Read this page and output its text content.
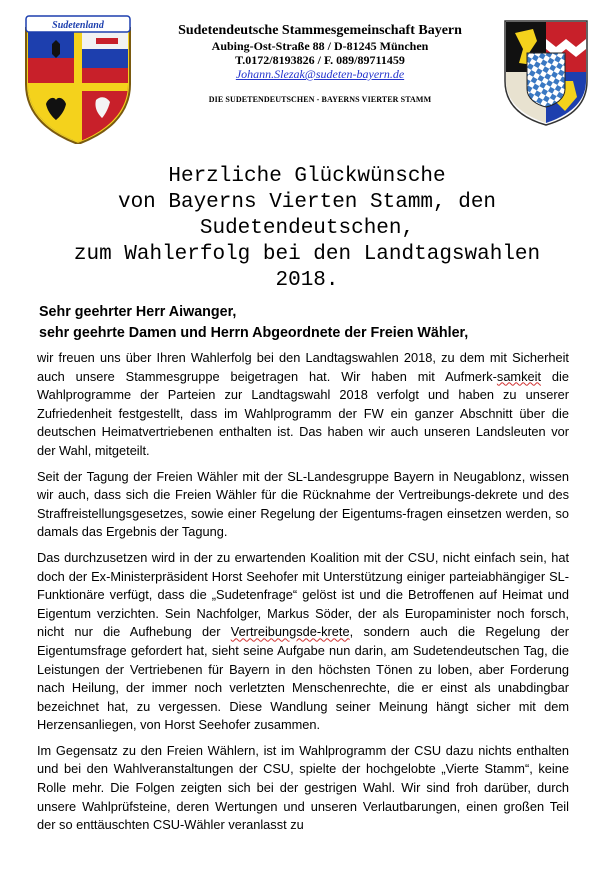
Sudetenland	Sudetendeutsche Stammesgemeinschaft Bayern
Aubing-Ost-Straße 88 / D-81245 München
T.0172/8193826 / F. 089/89711459
Johann.Slezak@sudeten-bayern.de
DIE SUDETENDEUTSCHEN - BAYERNS VIERTER STAMM
Herzliche Glückwünsche
von Bayerns Vierten Stamm, den
Sudetendeutschen,
zum Wahlerfolg bei den Landtagswahlen
2018.
Sehr geehrter Herr Aiwanger,
sehr geehrte Damen und Herrn Abgeordnete der Freien Wähler,

wir freuen uns über Ihren Wahlerfolg bei den Landtagswahlen 2018, zu dem mit Sicherheit auch unsere Stammesgruppe beigetragen hat. Wir haben mit Aufmerk-samkeit die Wahlprogramme der Parteien zur Landtagswahl 2018 verfolgt und haben zu unserer Zufriedenheit festgestellt, dass im Wahlprogramm der FW ein ganzer Abschnitt über die deutschen Heimatvertriebenen enthalten ist. Das haben wir auch unseren Landsleuten vor der Wahl, mitgeteilt.

Seit der Tagung der Freien Wähler mit der SL-Landesgruppe Bayern in Neugablonz, wissen wir auch, dass sich die Freien Wähler für die Rücknahme der Vertreibungs-dekrete und des Straffreistellungsgesetzes, sowie einer Regelung der Eigentums-fragen einsetzen werden, so damals das Ergebnis der Tagung.

Das durchzusetzen wird in der zu erwartenden Koalition mit der CSU, nicht einfach sein, hat doch der Ex-Ministerpräsident Horst Seehofer mit Unterstützung einiger parteiabhängiger SL-Funktionäre verfügt, dass die „Sudetenfrage“ gelöst ist und die Betroffenen auf Heimat und Eigentum verzichten. Sein Nachfolger, Markus Söder, der als Europaminister noch forsch, nicht nur die Aufhebung der Vertreibungsde-krete, sondern auch die Regelung der Eigentumsfrage gefordert hat, sieht seine Aufgabe nun darin, am Sudetendeutschen Tag, die Leistungen der Vertriebenen für Bayern in den höchsten Tönen zu loben, aber Forderung nach Heilung, der immer noch verletzten Menschenrechte, die er einst als unabdingbar bezeichnet hat, zu vergessen. Diese Wandlung seiner Meinung hängt sicher mit dem Herzensanliegen, von Horst Seehofer zusammen.

Im Gegensatz zu den Freien Wählern, ist im Wahlprogramm der CSU dazu nichts enthalten und bei den Wahlveranstaltungen der CSU, spielte der hochgelobte „Vierte Stamm“, keine Rolle mehr. Die Folgen zeigten sich bei der gestrigen Wahl. Wir sind froh darüber, durch unsere Wahlprüfsteine, deren Wertungen und unseren Verlautbarungen, einen großen Teil der so enttäuschten CSU-Wähler veranlasst zu
